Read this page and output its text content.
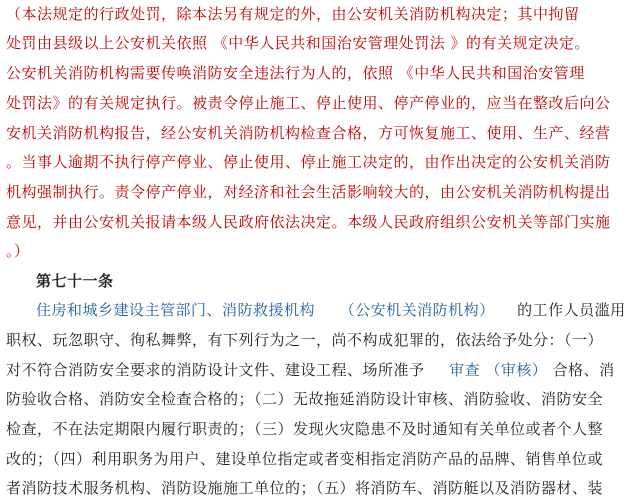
（本法规定的行政处罚，除本法另有规定的外，由公安机关消防机构决定；其中拘留
处罚由县级以上公安机关依照 《中华人民共和国治安管理处罚法 》的有关规定决定。
公安机关消防机构需要传唤消防安全违法行为人的，依照 《中华人民共和国治安管理
处罚法》的有关规定执行。被责令停止施工、停止使用、停产停业的，应当在整改后向公
安机关消防机构报告，经公安机关消防机构检查合格，方可恢复施工、使用、生产、经营
。当事人逾期不执行停产停业、停止使用、停止施工决定的，由作出决定的公安机关消防
机构强制执行。责令停产停业，对经济和社会生活影响较大的，由公安机关消防机构提出
意见，并由公安机关报请本级人民政府依法决定。本级人民政府组织公安机关等部门实施
。）
第七十一条
住房和城乡建设主管部门、消防救援机构 （公安机关消防机构） 的工作人员滥用
职权、玩忽职守、徇私舞弊，有下列行为之一，尚不构成犯罪的，依法给予处分：（一）
对不符合消防安全要求的消防设计文件、建设工程、场所准予 审查 （审核） 合格、消
防验收合格、消防安全检查合格的；（二）无故拖延消防设计审核、消防验收、消防安全
检查，不在法定期限内履行职责的；（三）发现火灾隐患不及时通知有关单位或者个人整
改的；（四）利用职务为用户、建设单位指定或者变相指定消防产品的品牌、销售单位或
者消防技术服务机构、消防设施施工单位的；（五）将消防车、消防艇以及消防器材、装
